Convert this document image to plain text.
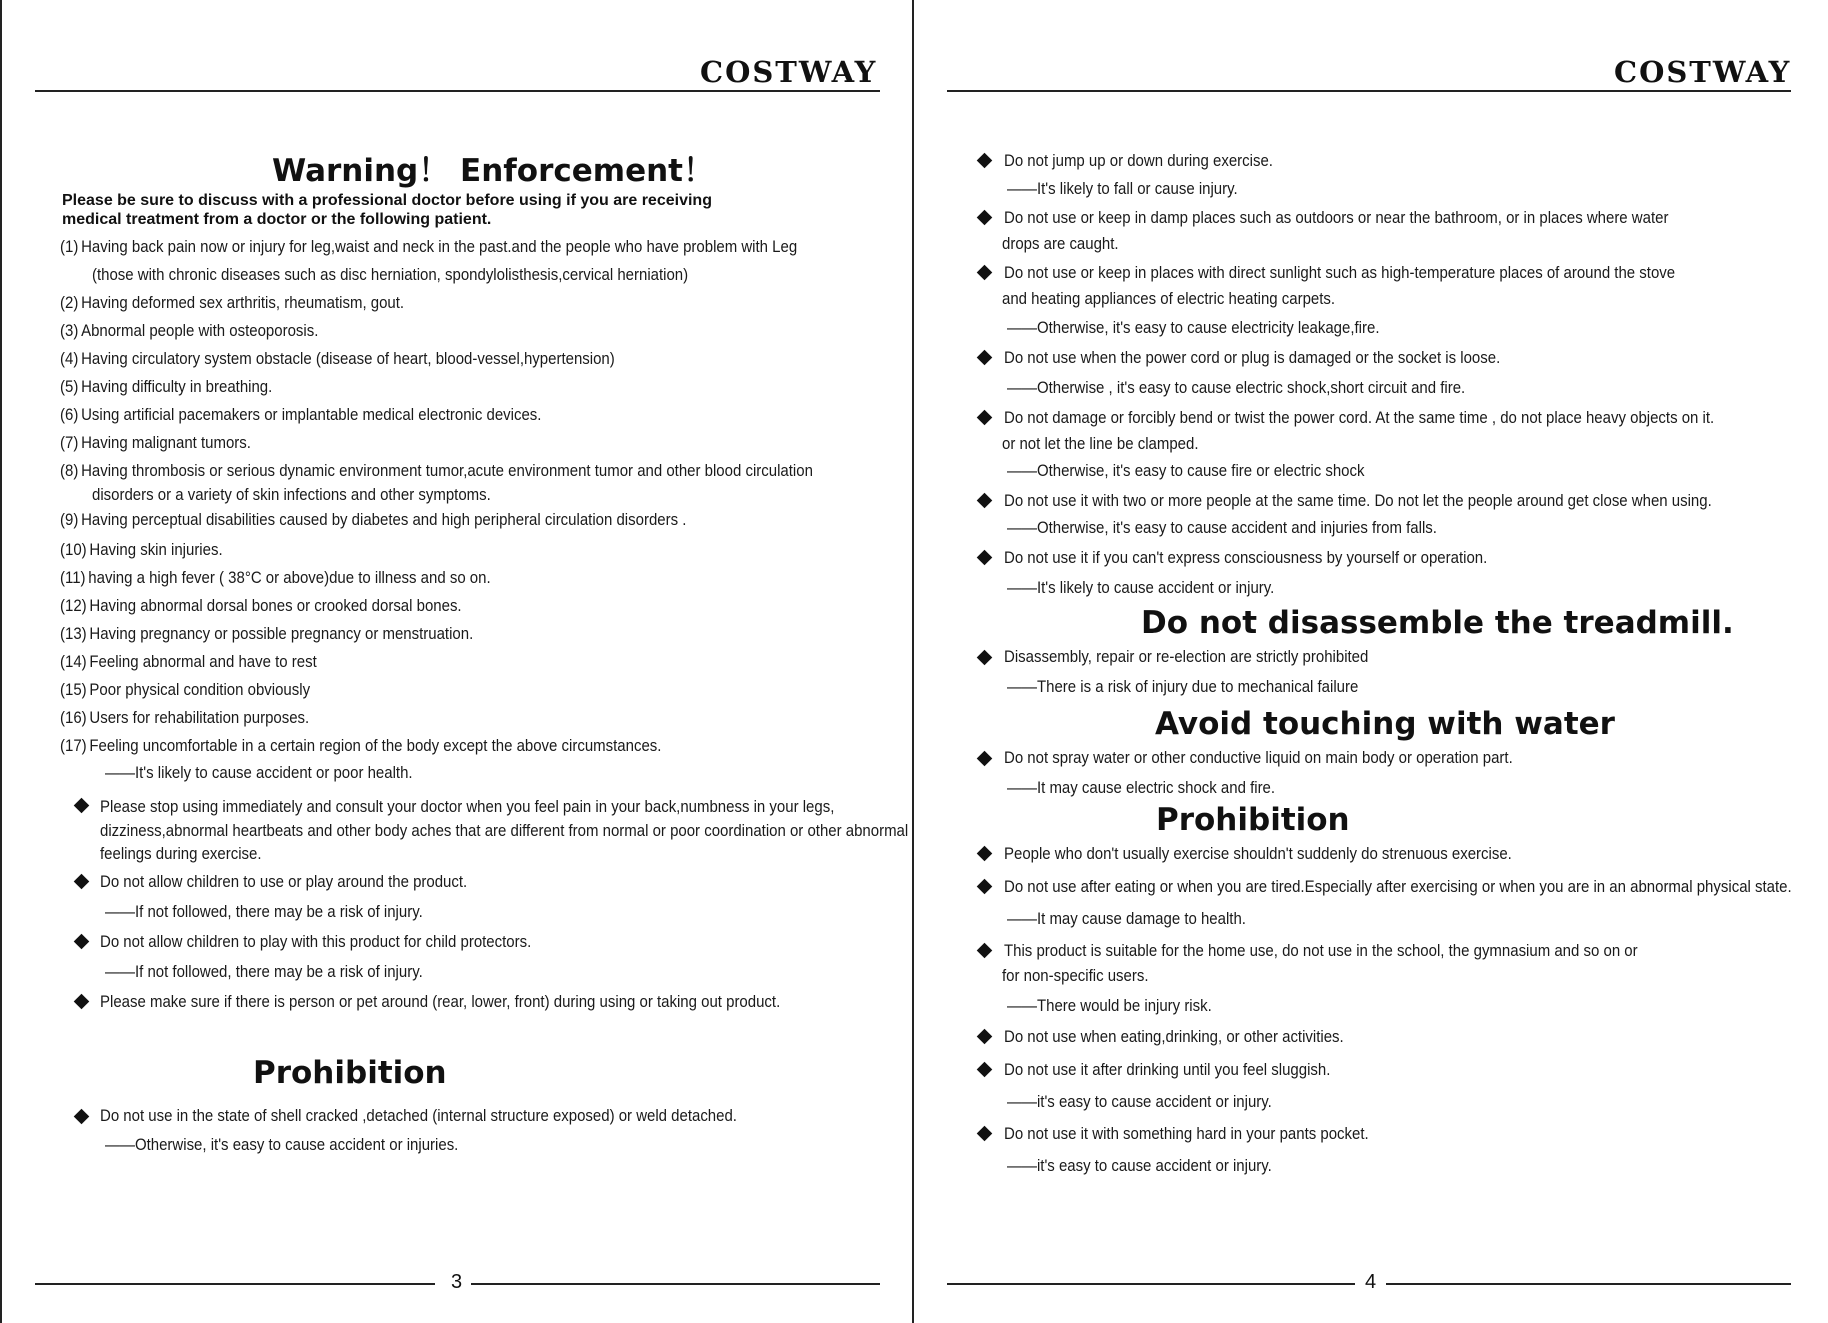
COSTWAY
Warning！ Enforcement！
Please be sure to discuss with a professional doctor before using if you are receiving
medical treatment from a doctor or the following patient.
(1) Having back pain now or injury for leg,waist and neck in the past.and the people who have problem with Leg
(those with chronic diseases such as disc herniation, spondylolisthesis,cervical herniation)
(2) Having deformed sex arthritis, rheumatism, gout.
(3) Abnormal people with osteoporosis.
(4) Having circulatory system obstacle (disease of heart, blood-vessel,hypertension)
(5) Having difficulty in breathing.
(6) Using artificial pacemakers or implantable medical electronic devices.
(7) Having malignant tumors.
(8) Having thrombosis or serious dynamic environment tumor,acute environment tumor and other blood circulation
disorders or a variety of skin infections and other symptoms.
(9) Having perceptual disabilities caused by diabetes and high peripheral circulation disorders .
(10) Having skin injuries.
(11) having a high fever ( 38°C or above)due to illness and so on.
(12) Having abnormal dorsal bones or crooked dorsal bones.
(13) Having pregnancy or possible pregnancy or menstruation.
(14) Feeling abnormal and have to rest
(15) Poor physical condition obviously
(16) Users for rehabilitation purposes.
(17) Feeling uncomfortable in a certain region of the body except the above circumstances.
——It's likely to cause accident or poor health.
Please stop using immediately and consult your doctor when you feel pain in your back,numbness in your legs, dizziness,abnormal heartbeats and other body aches that are different from normal or poor coordination or other abnormal feelings during exercise.
Do not allow children to use or play around the product.
——If not followed, there may be a risk of injury.
Do not allow children to play with this product for child protectors.
——If not followed, there may be a risk of injury.
Please make sure if there is person or pet around (rear, lower, front) during using or taking out product.
Prohibition
Do not use in the state of shell cracked ,detached (internal structure exposed) or weld detached.
——Otherwise, it's easy to cause accident or injuries.
3
COSTWAY
Do not jump up or down during exercise.
——It's likely to fall or cause injury.
Do not use or keep in damp places such as outdoors or near the bathroom, or in places where water
drops are caught.
Do not use or keep in places with direct sunlight such as high-temperature places of around the stove
and heating appliances of electric heating carpets.
——Otherwise, it's easy to cause electricity leakage,fire.
Do not use when the power cord or plug is damaged or the socket is loose.
——Otherwise , it's easy to cause electric shock,short circuit and fire.
Do not damage or forcibly bend or twist the power cord. At the same time , do not place heavy objects on it.
or not let the line be clamped.
——Otherwise, it's easy to cause fire or electric shock
Do not use it with two or more people at the same time. Do not let the people around get close when using.
——Otherwise, it's easy to cause accident and injuries from falls.
Do not use it if you can't express consciousness by yourself or operation.
——It's likely to cause accident or injury.
Do not disassemble the treadmill.
Disassembly, repair or re-election are strictly prohibited
——There is a risk of injury due to mechanical failure
Avoid touching with water
Do not spray water or other conductive liquid on main body or operation part.
——It may cause electric shock and fire.
Prohibition
People who don't usually exercise shouldn't suddenly do strenuous exercise.
Do not use after eating or when you are tired.Especially after exercising or when you are in an abnormal physical state.
——It may cause damage to health.
This product is suitable for the home use, do not use in the school, the gymnasium and so on or
for non-specific users.
——There would be injury risk.
Do not use when eating,drinking, or other activities.
Do not use it after drinking until you feel sluggish.
——it's easy to cause accident or injury.
Do not use it with something hard in your pants pocket.
——it's easy to cause accident or injury.
4
